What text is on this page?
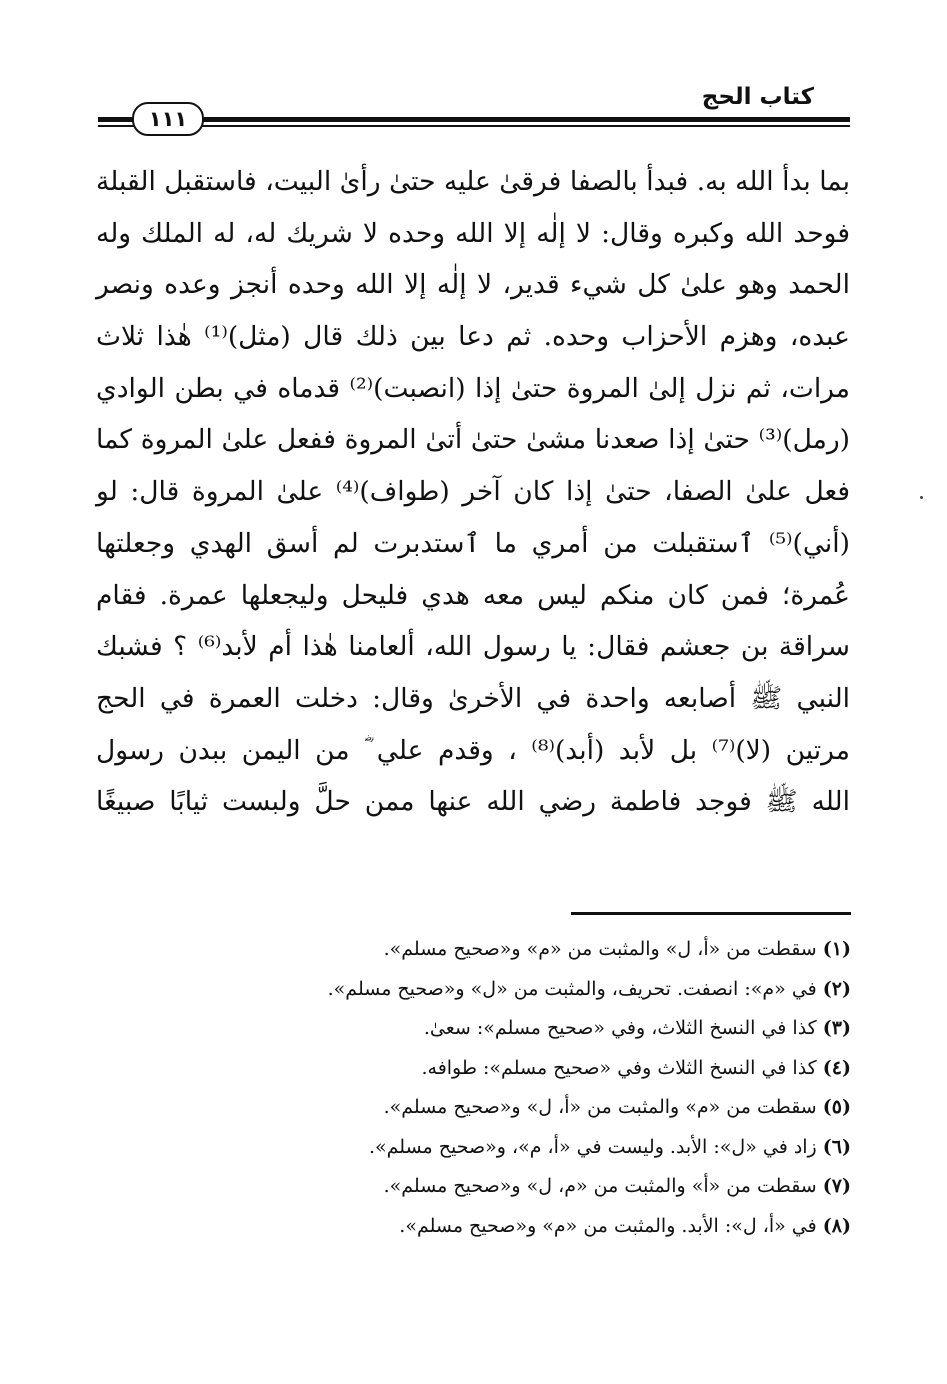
كتاب الحج
١١١
بما بدأ الله به. فبدأ بالصفا فرقىٰ عليه حتىٰ رأىٰ البيت، فاستقبل القبلة
فوحد الله وكبره وقال: لا إلٰه إلا الله وحده لا شريك له، له الملك وله
الحمد وهو علىٰ كل شيء قدير، لا إلٰه إلا الله وحده أنجز وعده ونصر
عبده، وهزم الأحزاب وحده. ثم دعا بين ذلك قال (مثل)⁽¹⁾ هٰذا ثلاث
مرات، ثم نزل إلىٰ المروة حتىٰ إذا (انصبت)⁽²⁾ قدماه في بطن الوادي
(رمل)⁽³⁾ حتىٰ إذا صعدنا مشىٰ حتىٰ أتىٰ المروة ففعل علىٰ المروة كما
فعل علىٰ الصفا، حتىٰ إذا كان آخر (طواف)⁽⁴⁾ علىٰ المروة قال: لو
(أني)⁽⁵⁾ ٱستقبلت من أمري ما ٱستدبرت لم أسق الهدي وجعلتها
عُمرة؛ فمن كان منكم ليس معه هدي فليحل وليجعلها عمرة. فقام
سراقة بن جعشم فقال: يا رسول الله، ألعامنا هٰذا أم لأبد⁽⁶⁾ ؟ فشبك
النبي ﷺ أصابعه واحدة في الأخرىٰ وقال: دخلت العمرة في الحج
مرتين (لا)⁽⁷⁾ بل لأبد (أبد)⁽⁸⁾ ، وقدم علي ؓ من اليمن ببدن رسول
الله ﷺ فوجد فاطمة رضي الله عنها ممن حلَّ ولبست ثيابًا صبيغًا
(١) سقطت من «أ، ل» والمثبت من «م» و«صحيح مسلم».
(٢) في «م»: انصفت. تحريف، والمثبت من «ل» و«صحيح مسلم».
(٣) كذا في النسخ الثلاث، وفي «صحيح مسلم»: سعىٰ.
(٤) كذا في النسخ الثلاث وفي «صحيح مسلم»: طوافه.
(٥) سقطت من «م» والمثبت من «أ، ل» و«صحيح مسلم».
(٦) زاد في «ل»: الأبد. وليست في «أ، م»، و«صحيح مسلم».
(٧) سقطت من «أ» والمثبت من «م، ل» و«صحيح مسلم».
(٨) في «أ، ل»: الأبد. والمثبت من «م» و«صحيح مسلم».
